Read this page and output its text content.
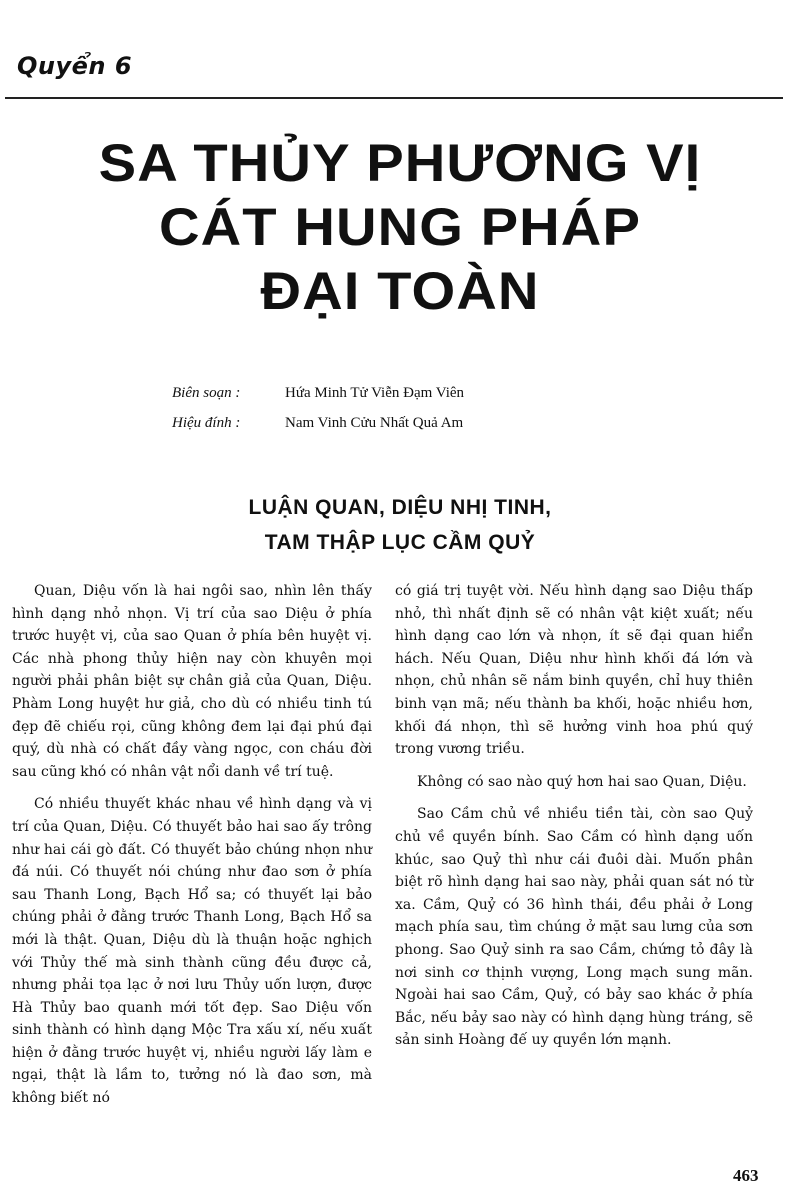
Quyển 6
SA THỦY PHƯƠNG VỊ
CÁT HUNG PHÁP
ĐẠI TOÀN
Biên soạn :	Hứa Minh Tử Viễn Đạm Viên
Hiệu đính :	Nam Vinh Cửu Nhất Quả Am
LUẬN QUAN, DIỆU NHỊ TINH,
TAM THẬP LỤC CẦM QUỶ

Quan, Diệu vốn là hai ngôi sao, nhìn lên thấy hình dạng nhỏ nhọn. Vị trí của sao Diệu ở phía trước huyệt vị, của sao Quan ở phía bên huyệt vị. Các nhà phong thủy hiện nay còn khuyên mọi người phải phân biệt sự chân giả của Quan, Diệu. Phàm Long huyệt hư giả, cho dù có nhiều tinh tú đẹp đẽ chiếu rọi, cũng không đem lại đại phú đại quý, dù nhà có chất đầy vàng ngọc, con cháu đời sau cũng khó có nhân vật nổi danh về trí tuệ.

Có nhiều thuyết khác nhau về hình dạng và vị trí của Quan, Diệu. Có thuyết bảo hai sao ấy trông như hai cái gò đất. Có thuyết bảo chúng nhọn như đá núi. Có thuyết nói chúng như đao sơn ở phía sau Thanh Long, Bạch Hổ sa; có thuyết lại bảo chúng phải ở đằng trước Thanh Long, Bạch Hổ sa mới là thật. Quan, Diệu dù là thuận hoặc nghịch với Thủy thế mà sinh thành cũng đều được cả, nhưng phải tọa lạc ở nơi lưu Thủy uốn lượn, được Hà Thủy bao quanh mới tốt đẹp. Sao Diệu vốn sinh thành có hình dạng Mộc Tra xấu xí, nếu xuất hiện ở đằng trước huyệt vị, nhiều người lấy làm e ngại, thật là lầm to, tưởng nó là đao sơn, mà không biết nó

có giá trị tuyệt vời. Nếu hình dạng sao Diệu thấp nhỏ, thì nhất định sẽ có nhân vật kiệt xuất; nếu hình dạng cao lớn và nhọn, ít sẽ đại quan hiển hách. Nếu Quan, Diệu như hình khối đá lớn và nhọn, chủ nhân sẽ nắm binh quyền, chỉ huy thiên binh vạn mã; nếu thành ba khối, hoặc nhiều hơn, khối đá nhọn, thì sẽ hưởng vinh hoa phú quý trong vương triều.

Không có sao nào quý hơn hai sao Quan, Diệu.

Sao Cầm chủ về nhiều tiền tài, còn sao Quỷ chủ về quyền bính. Sao Cầm có hình dạng uốn khúc, sao Quỷ thì như cái đuôi dài. Muốn phân biệt rõ hình dạng hai sao này, phải quan sát nó từ xa. Cầm, Quỷ có 36 hình thái, đều phải ở Long mạch phía sau, tìm chúng ở mặt sau lưng của sơn phong. Sao Quỷ sinh ra sao Cầm, chứng tỏ đây là nơi sinh cơ thịnh vượng, Long mạch sung mãn. Ngoài hai sao Cầm, Quỷ, có bảy sao khác ở phía Bắc, nếu bảy sao này có hình dạng hùng tráng, sẽ sản sinh Hoàng đế uy quyền lớn mạnh.

463
